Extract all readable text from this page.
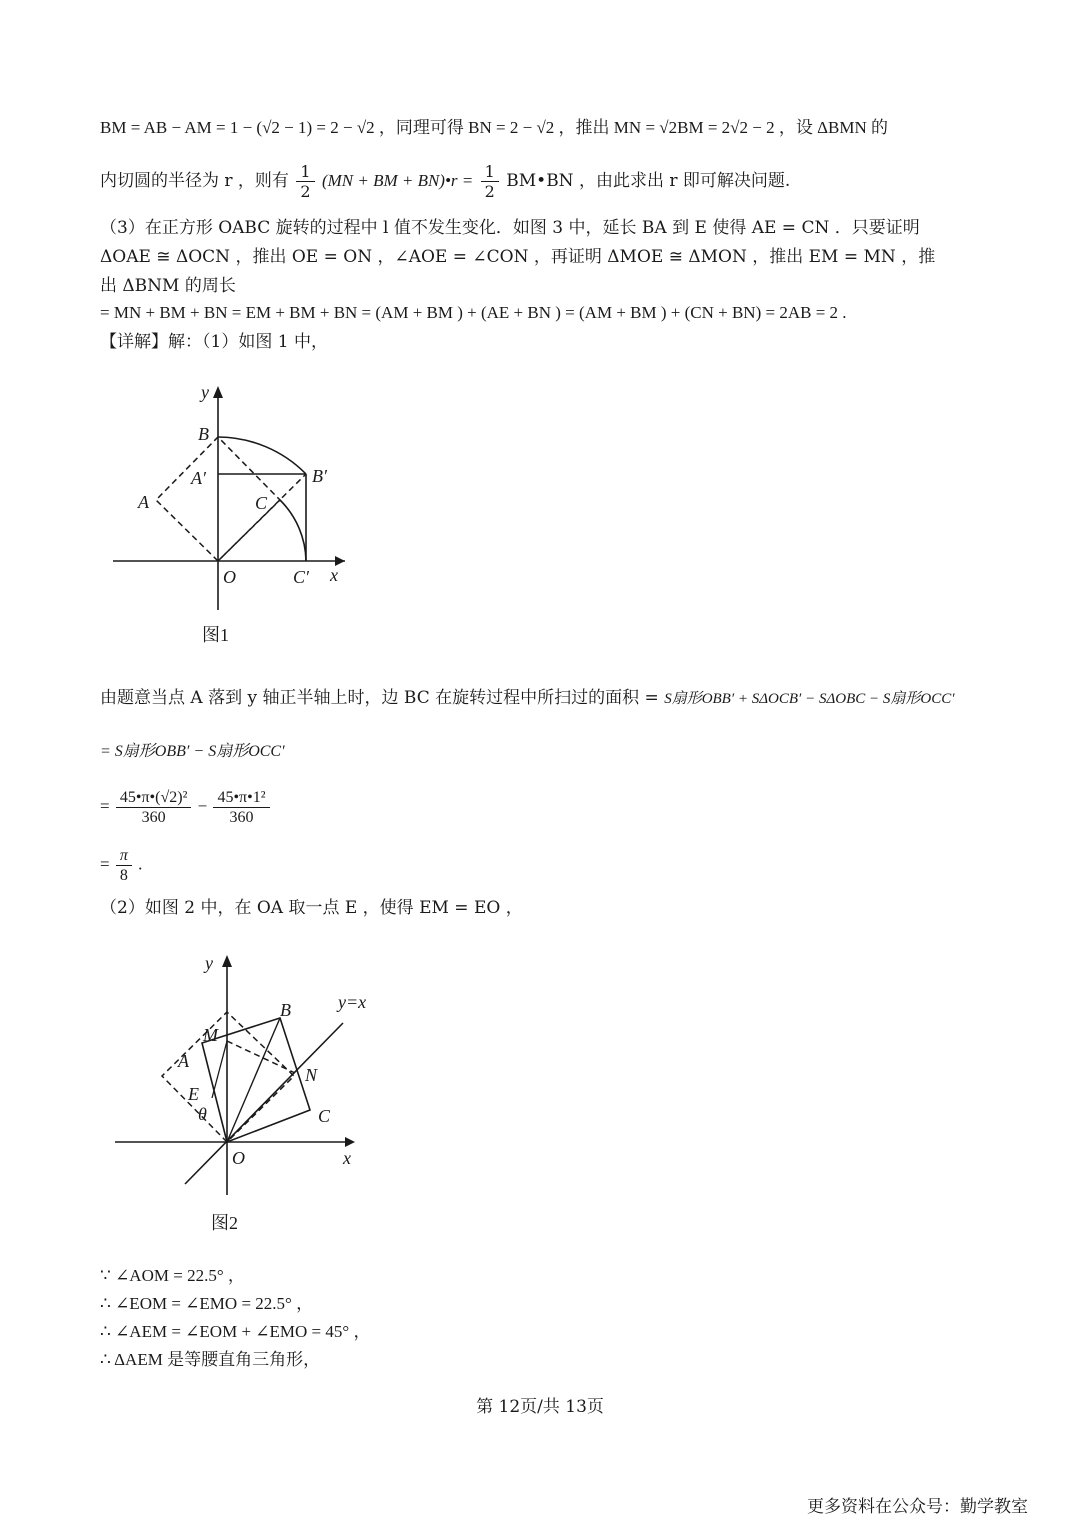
BM = AB − AM = 1 − (√2 − 1) = 2 − √2 ，同理可得 BN = 2 − √2 ，推出 MN = √2BM = 2√2 − 2 ，设 ΔBMN 的
内切圆的半径为 r ，则有 $\frac{1}{2} (MN$ + BM + BN)•r = $\frac{1}{2}$ BM•BN ，由此求出 r 即可解决问题.
（3）在正方形 OABC 旋转的过程中 l 值不发生变化．如图 3 中，延长 BA 到 E 使得 AE = CN ．只要证明
ΔOAE ≅ ΔOCN ，推出 OE = ON ，∠AOE = ∠CON ，再证明 ΔMOE ≅ ΔMON ，推出 EM = MN ，推
出 ΔBNM 的周长
= MN + BM + BN = EM + BM + BN = (AM + BM ) + (AE + BN ) = (AM + BM ) + (CN + BN) = 2AB = 2 .
【详解】解：（1）如图 1 中，
y
x
B
A′	B′
A	C
O	C′
图1
由题意当点 A 落到 y 轴正半轴上时，边 BC 在旋转过程中所扫过的面积 = S扇形OBB′ + SΔOCB′ − SΔOBC − S扇形OCC′
= S扇形OBB′ − S扇形OCC′
= $\frac{\text{45•π•(√2)²}}{360} - \frac{\text{45•π•1²}}{360}$
= $\frac{\pi}{8}$ .
（2）如图 2 中，在 OA 取一点 E ，使得 EM = EO ，
y
x
y=x
B
M
A
E
θ
N
C
O
图2
∵ ∠AOM = 22.5° ，
∴ ∠EOM = ∠EMO = 22.5° ，
∴ ∠AEM = ∠EOM + ∠EMO = 45° ，
∴ ΔAEM 是等腰直角三角形，
第 12页/共 13页
更多资料在公众号：勤学教室
